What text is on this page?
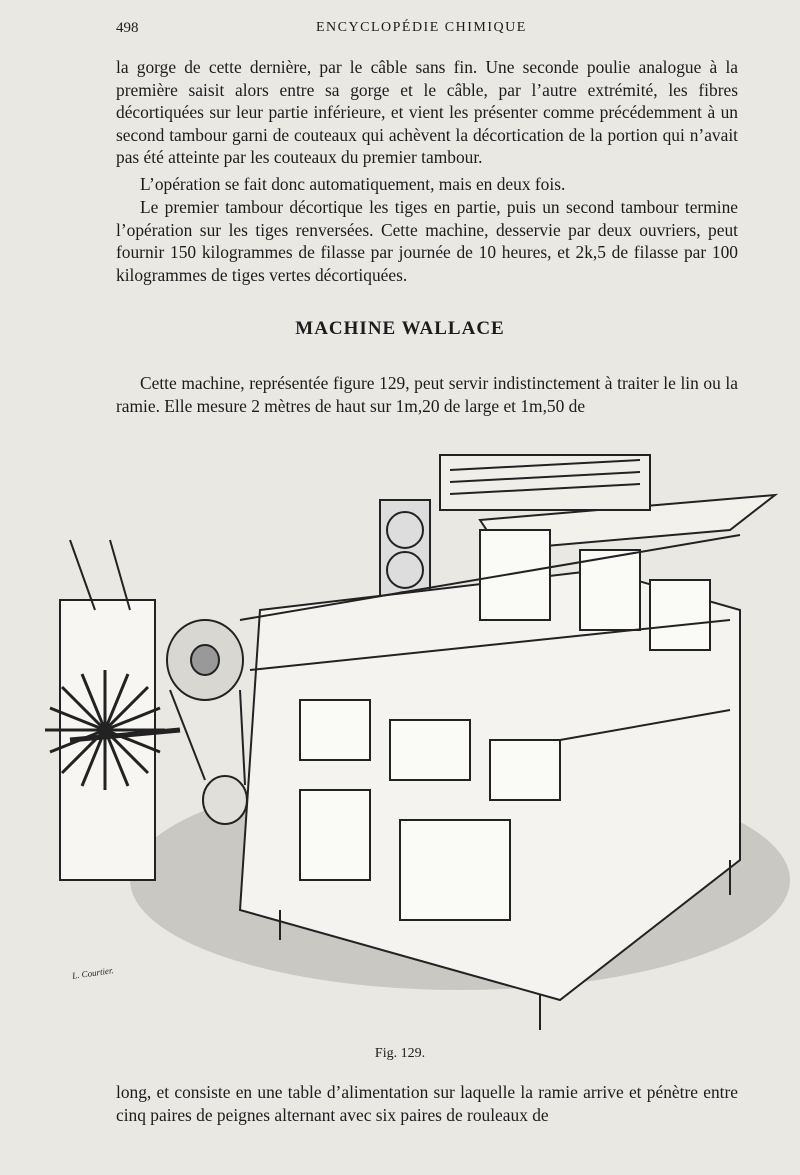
498	ENCYCLOPÉDIE CHIMIQUE

la gorge de cette dernière, par le câble sans fin. Une seconde poulie analogue à la première saisit alors entre sa gorge et le câble, par l’autre extrémité, les fibres décortiquées sur leur partie inférieure, et vient les présenter comme précédemment à un second tambour garni de couteaux qui achèvent la décortication de la portion qui n’avait pas été atteinte par les couteaux du premier tambour.

L’opération se fait donc automatiquement, mais en deux fois.

Le premier tambour décortique les tiges en partie, puis un second tambour termine l’opération sur les tiges renversées. Cette machine, desservie par deux ouvriers, peut fournir 150 kilogrammes de filasse par journée de 10 heures, et 2k,5 de filasse par 100 kilogrammes de tiges vertes décortiquées.

MACHINE WALLACE

Cette machine, représentée figure 129, peut servir indistinctement à traiter le lin ou la ramie. Elle mesure 2 mètres de haut sur 1m,20 de large et 1m,50 de

L. Courtier.
Fig. 129.

long, et consiste en une table d’alimentation sur laquelle la ramie arrive et pénètre entre cinq paires de peignes alternant avec six paires de rouleaux de
